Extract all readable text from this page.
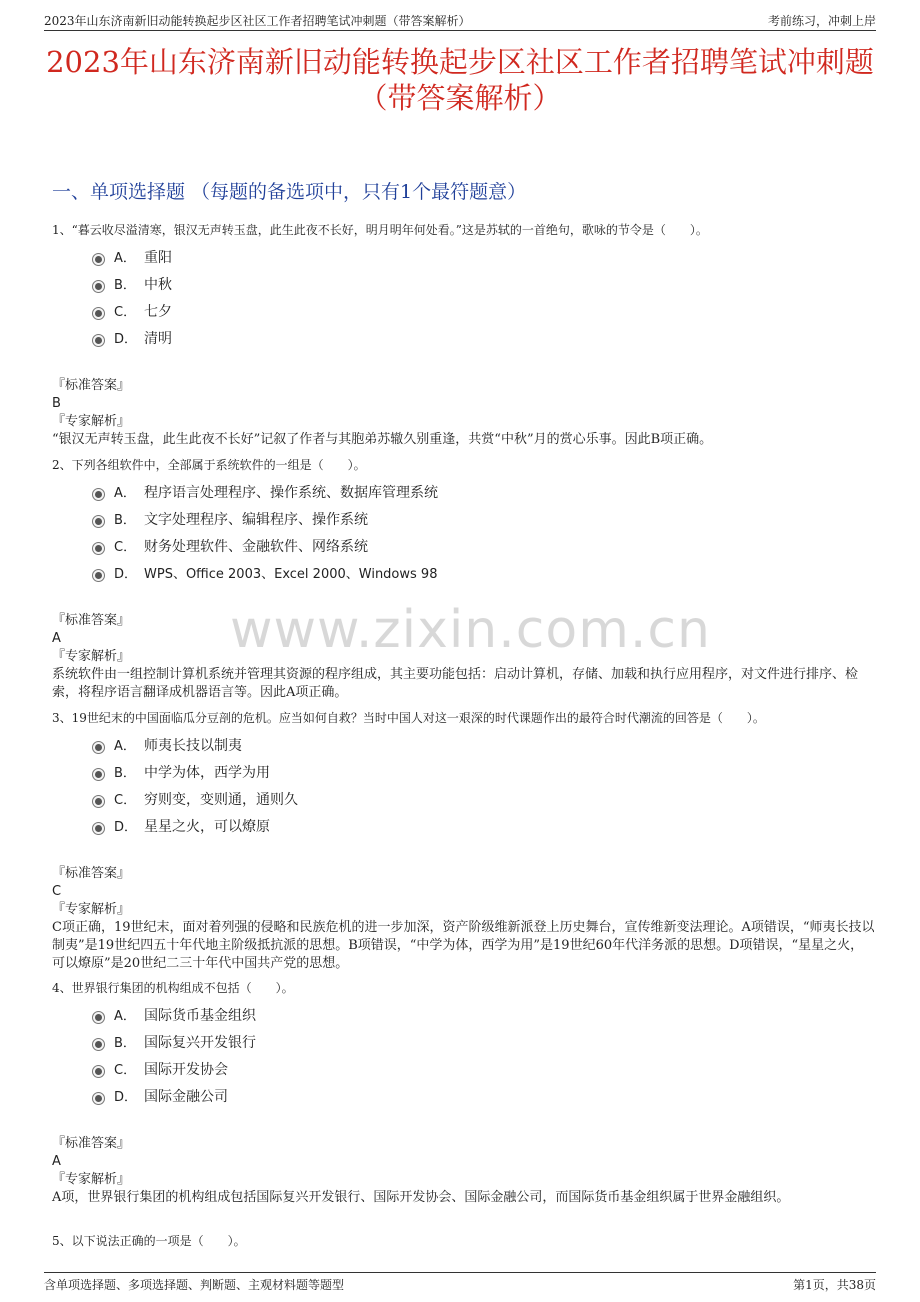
2023年山东济南新旧动能转换起步区社区工作者招聘笔试冲刺题（带答案解析）	考前练习，冲刺上岸
2023年山东济南新旧动能转换起步区社区工作者招聘笔试冲刺题（带答案解析）
一、单项选择题 （每题的备选项中，只有1个最符题意）
www.zixin.com.cn
1、“暮云收尽溢清寒，银汉无声转玉盘，此生此夜不长好，明月明年何处看。”这是苏轼的一首绝句，歌咏的节令是（　　）。
A． 重阳
B． 中秋
C． 七夕
D． 清明
『标准答案』
B
『专家解析』
“银汉无声转玉盘，此生此夜不长好”记叙了作者与其胞弟苏辙久别重逢，共赏“中秋”月的赏心乐事。因此B项正确。
2、下列各组软件中，全部属于系统软件的一组是（　　）。
A． 程序语言处理程序、操作系统、数据库管理系统
B． 文字处理程序、编辑程序、操作系统
C． 财务处理软件、金融软件、网络系统
D． WPS、Office 2003、Excel 2000、Windows 98
『标准答案』
A
『专家解析』
系统软件由一组控制计算机系统并管理其资源的程序组成，其主要功能包括：启动计算机，存储、加载和执行应用程序，对文件进行排序、检索，将程序语言翻译成机器语言等。因此A项正确。
3、19世纪末的中国面临瓜分豆剖的危机。应当如何自救？当时中国人对这一艰深的时代课题作出的最符合时代潮流的回答是（　　）。
A． 师夷长技以制夷
B． 中学为体，西学为用
C． 穷则变，变则通，通则久
D． 星星之火，可以燎原
『标准答案』
C
『专家解析』
C项正确，19世纪末，面对着列强的侵略和民族危机的进一步加深，资产阶级维新派登上历史舞台，宣传维新变法理论。A项错误，“师夷长技以制夷”是19世纪四五十年代地主阶级抵抗派的思想。B项错误，“中学为体，西学为用”是19世纪60年代洋务派的思想。D项错误，“星星之火，可以燎原”是20世纪二三十年代中国共产党的思想。
4、世界银行集团的机构组成不包括（　　）。
A． 国际货币基金组织
B． 国际复兴开发银行
C． 国际开发协会
D． 国际金融公司
『标准答案』
A
『专家解析』
A项，世界银行集团的机构组成包括国际复兴开发银行、国际开发协会、国际金融公司，而国际货币基金组织属于世界金融组织。
5、以下说法正确的一项是（　　）。
含单项选择题、多项选择题、判断题、主观材料题等题型	第1页，共38页
